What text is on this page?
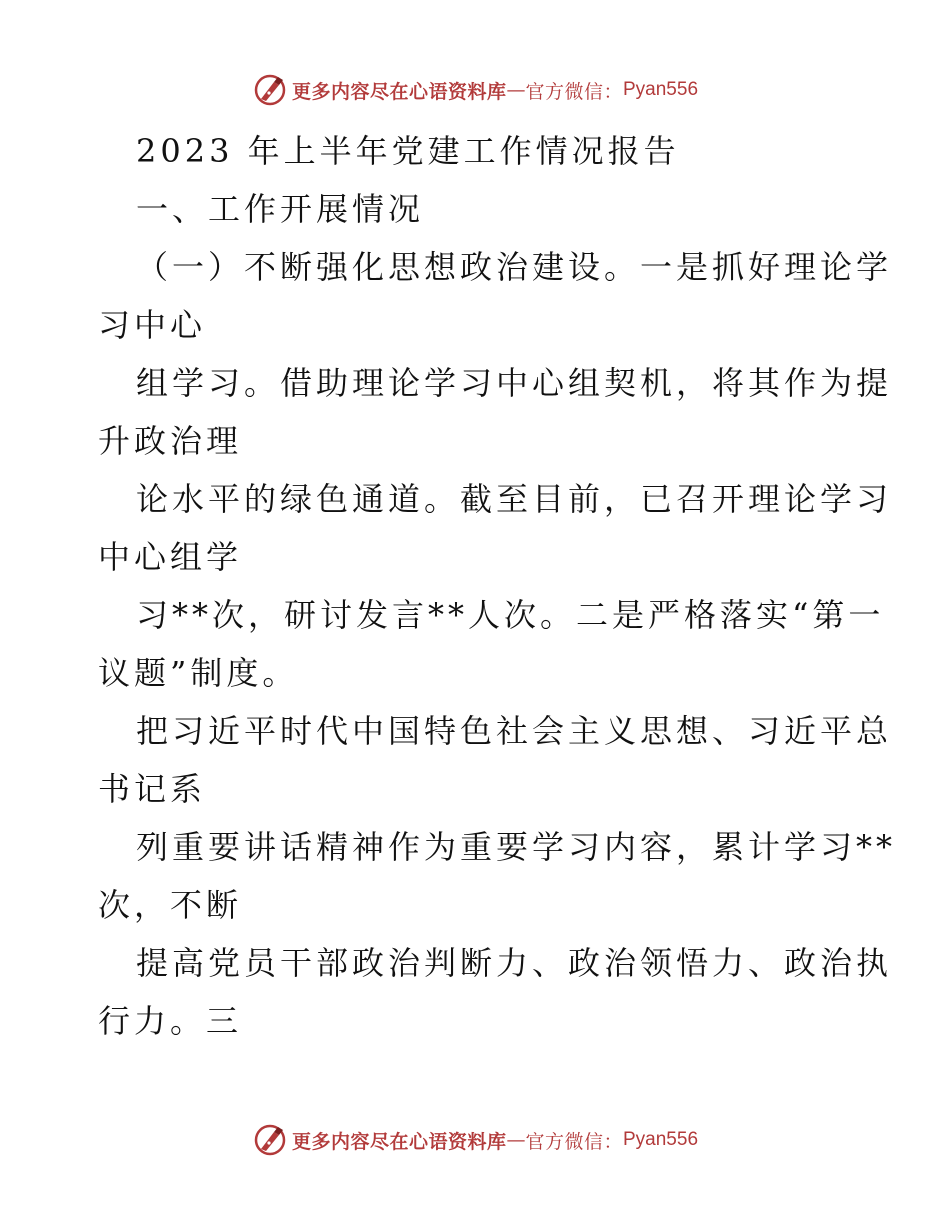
更多内容尽在心语资料库 — 官方微信： Pyan556
2023 年上半年党建工作情况报告
一、工作开展情况
（一）不断强化思想政治建设。一是抓好理论学
习中心
组学习。借助理论学习中心组契机，将其作为提
升政治理
论水平的绿色通道。截至目前，已召开理论学习
中心组学
习**次，研讨发言**人次。二是严格落实“第一
议题”制度。
把习近平时代中国特色社会主义思想、习近平总
书记系
列重要讲话精神作为重要学习内容，累计学习**
次，不断
提高党员干部政治判断力、政治领悟力、政治执
行力。三
更多内容尽在心语资料库 — 官方微信： Pyan556
